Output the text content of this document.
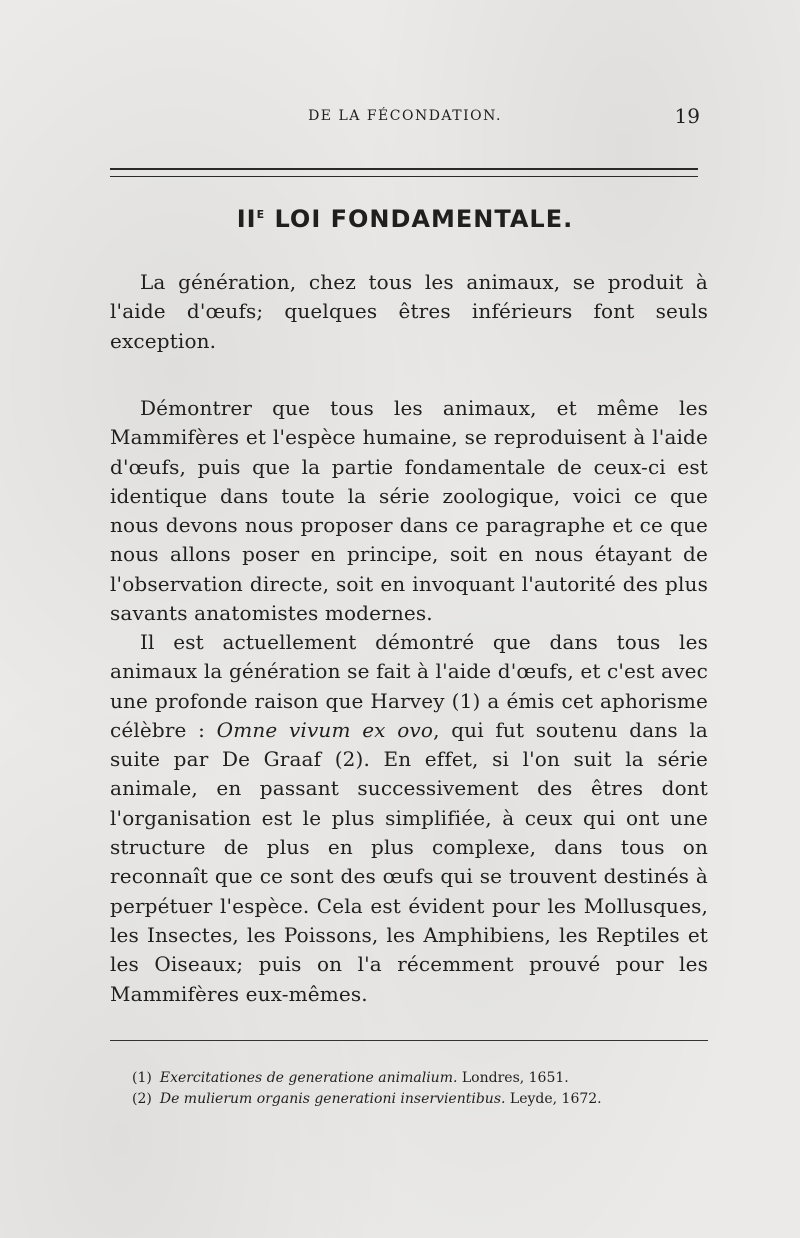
DE LA FÉCONDATION.	19
$II^E$ LOI FONDAMENTALE.

La génération, chez tous les animaux, se produit à l'aide d'œufs; quelques êtres inférieurs font seuls exception.

Démontrer que tous les animaux, et même les Mammifères et l'espèce humaine, se reproduisent à l'aide d'œufs, puis que la partie fondamentale de ceux-ci est identique dans toute la série zoologique, voici ce que nous devons nous proposer dans ce paragraphe et ce que nous allons poser en principe, soit en nous étayant de l'observation directe, soit en invoquant l'autorité des plus savants anatomistes modernes.

Il est actuellement démontré que dans tous les animaux la génération se fait à l'aide d'œufs, et c'est avec une profonde raison que Harvey (1) a émis cet aphorisme célèbre : Omne vivum ex ovo, qui fut soutenu dans la suite par De Graaf (2). En effet, si l'on suit la série animale, en passant successivement des êtres dont l'organisation est le plus simplifiée, à ceux qui ont une structure de plus en plus complexe, dans tous on reconnaît que ce sont des œufs qui se trouvent destinés à perpétuer l'espèce. Cela est évident pour les Mollusques, les Insectes, les Poissons, les Amphibiens, les Reptiles et les Oiseaux; puis on l'a récemment prouvé pour les Mammifères eux-mêmes.

(1) Exercitationes de generatione animalium. Londres, 1651.
(2) De mulierum organis generationi inservientibus. Leyde, 1672.
